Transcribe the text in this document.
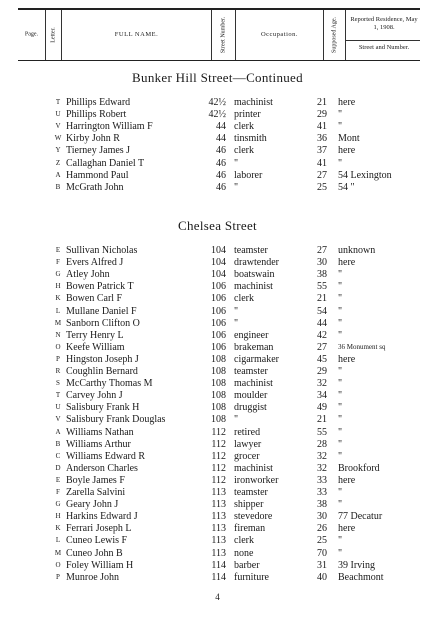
Page. Letter.	FULL NAME.	Street Number.	Occupation.	Supposed Age.	Reported Residence, May 1, 1908.
Street and Number.
Bunker Hill Street—Continued
T Phillips Edward	42½ machinist	21	here
U Phillips Robert	42½ printer	29	"
V Harrington William F	44 clerk	41	"
W Kirby John R	44 tinsmith	36	Mont
Y Tierney James J	46 clerk	37	here
Z Callaghan Daniel T	46 "	41	"
A Hammond Paul	46 laborer	27	54 Lexington
B McGrath John	46 "	25	54 "
Chelsea Street
E Sullivan Nicholas	104 teamster	27	unknown
F Evers Alfred J	104 drawtender	30	here
G Atley John	104 boatswain	38	"
H Bowen Patrick T	106 machinist	55	"
K Bowen Carl F	106 clerk	21	"
L Mullane Daniel F	106 "	54	"
M Sanborn Clifton O	106 "	44	"
N Terry Henry L	106 engineer	42	"
O Keefe William	106 brakeman	27	36 Monument sq
P Hingston Joseph J	108 cigarmaker	45	here
R Coughlin Bernard	108 teamster	29	"
S McCarthy Thomas M	108 machinist	32	"
T Carvey John J	108 moulder	34	"
U Salisbury Frank H	108 druggist	49	"
V Salisbury Frank Douglas	108 "	21	"
A Williams Nathan	112 retired	55	"
B Williams Arthur	112 lawyer	28	"
C Williams Edward R	112 grocer	32	"
D Anderson Charles	112 machinist	32	Brookford
E Boyle James F	112 ironworker	33	here
F Zarella Salvini	113 teamster	33	"
G Geary John J	113 shipper	38	"
H Harkins Edward J	113 stevedore	30	77 Decatur
K Ferrari Joseph L	113 fireman	26	here
L Cuneo Lewis F	113 clerk	25	"
M Cuneo John B	113 none	70	"
O Foley William H	114 barber	31	39 Irving
P Munroe John	114 furniture	40	Beachmont
4
